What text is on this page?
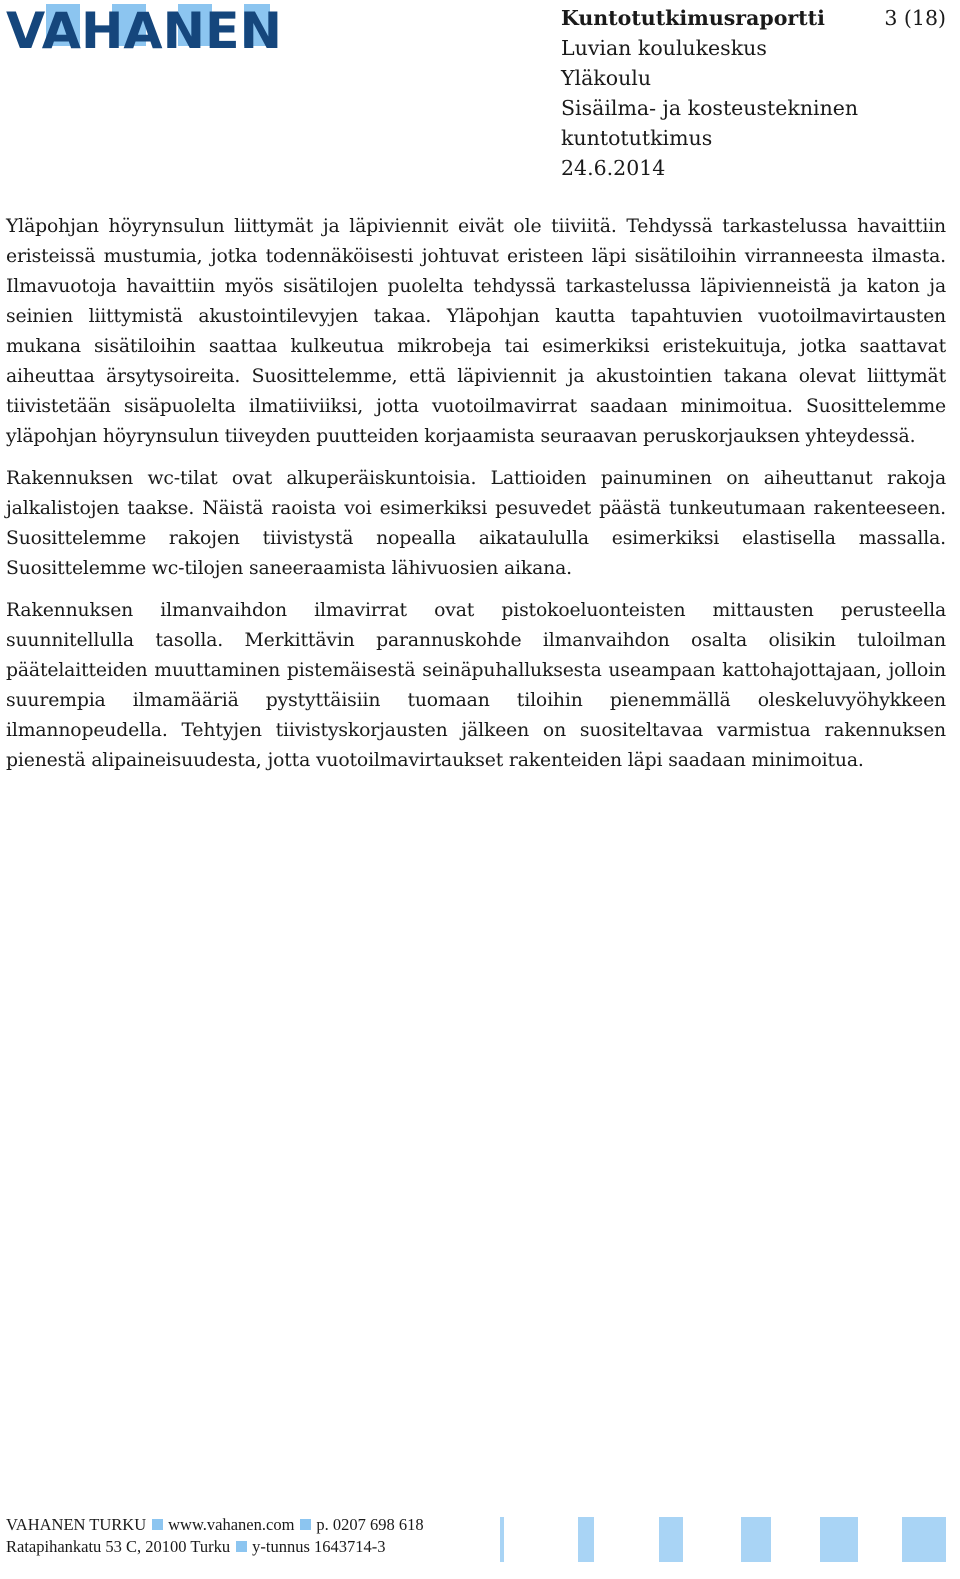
VAHANEN	Kuntotutkimusraportti
Luvian koulukeskus
Yläkoulu
Sisäilma- ja kosteustekninen
kuntotutkimus
24.6.2014
3 (18)

Yläpohjan höyrynsulun liittymät ja läpiviennit eivät ole tiiviitä. Tehdyssä tarkastelussa havaittiin eristeissä mustumia, jotka todennäköisesti johtuvat eristeen läpi sisätiloihin virranneesta ilmasta. Ilmavuotoja havaittiin myös sisätilojen puolelta tehdyssä tarkastelussa läpivienneistä ja katon ja seinien liittymistä akustointilevyjen takaa. Yläpohjan kautta tapahtuvien vuotoilmavirtausten mukana sisätiloihin saattaa kulkeutua mikrobeja tai esimerkiksi eristekuituja, jotka saattavat aiheuttaa ärsytysoireita. Suosittelemme, että läpiviennit ja akustointien takana olevat liittymät tiivistetään sisäpuolelta ilmatiiviiksi, jotta vuotoilmavirrat saadaan minimoitua. Suosittelemme yläpohjan höyrynsulun tiiveyden puutteiden korjaamista seuraavan peruskorjauksen yhteydessä.

Rakennuksen wc-tilat ovat alkuperäiskuntoisia. Lattioiden painuminen on aiheuttanut rakoja jalkalistojen taakse. Näistä raoista voi esimerkiksi pesuvedet päästä tunkeutumaan rakenteeseen. Suosittelemme rakojen tiivistystä nopealla aikataululla esimerkiksi elastisella massalla. Suosittelemme wc-tilojen saneeraamista lähivuosien aikana.

Rakennuksen ilmanvaihdon ilmavirrat ovat pistokoeluonteisten mittausten perusteella suunnitellulla tasolla. Merkittävin parannuskohde ilmanvaihdon osalta olisikin tuloilman päätelaitteiden muuttaminen pistemäisestä seinäpuhalluksesta useampaan kattohajottajaan, jolloin suurempia ilmamääriä pystyttäisiin tuomaan tiloihin pienemmällä oleskeluvyöhykkeen ilmannopeudella. Tehtyjen tiivistyskorjausten jälkeen on suositeltavaa varmistua rakennuksen pienestä alipaineisuudesta, jotta vuotoilmavirtaukset rakenteiden läpi saadaan minimoitua.

VAHANEN TURKU www.vahanen.com p. 0207 698 618
Ratapihankatu 53 C, 20100 Turku y-tunnus 1643714-3
